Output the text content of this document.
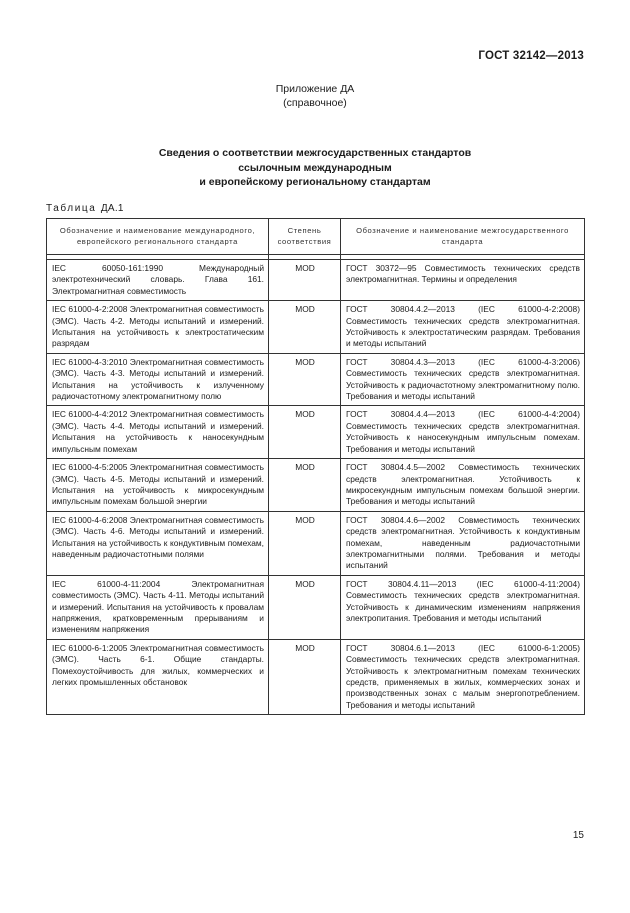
ГОСТ 32142—2013
Приложение ДА
(справочное)
Сведения о соответствии межгосударственных стандартов
ссылочным международным
и европейскому региональному стандартам
Таблица ДА.1
Обозначение и наименование международного, европейского регионального стандарта	Степень соответствия	Обозначение и наименование межгосударственного стандарта

IEC 60050-161:1990 Международный электротехнический словарь. Глава 161. Электромагнитная совместимость	MOD	ГОСТ 30372—95 Совместимость технических средств электромагнитная. Термины и определения
IEC 61000-4-2:2008 Электромагнитная совместимость (ЭМС). Часть 4-2. Методы испытаний и измерений. Испытания на устойчивость к электростатическим разрядам	MOD	ГОСТ 30804.4.2—2013 (IEC 61000-4-2:2008) Совместимость технических средств электромагнитная. Устойчивость к электростатическим разрядам. Требования и методы испытаний
IEC 61000-4-3:2010 Электромагнитная совместимость (ЭМС). Часть 4-3. Методы испытаний и измерений. Испытания на устойчивость к излученному радиочастотному электромагнитному полю	MOD	ГОСТ 30804.4.3—2013 (IEC 61000-4-3:2006) Совместимость технических средств электромагнитная. Устойчивость к радиочастотному электромагнитному полю. Требования и методы испытаний
IEC 61000-4-4:2012 Электромагнитная совместимость (ЭМС). Часть 4-4. Методы испытаний и измерений. Испытания на устойчивость к наносекундным импульсным помехам	MOD	ГОСТ 30804.4.4—2013 (IEC 61000-4-4:2004) Совместимость технических средств электромагнитная. Устойчивость к наносекундным импульсным помехам. Требования и методы испытаний
IEC 61000-4-5:2005 Электромагнитная совместимость (ЭМС). Часть 4-5. Методы испытаний и измерений. Испытания на устойчивость к микросекундным импульсным помехам большой энергии	MOD	ГОСТ 30804.4.5—2002 Совместимость технических средств электромагнитная. Устойчивость к микросекундным импульсным помехам большой энергии. Требования и методы испытаний
IEC 61000-4-6:2008 Электромагнитная совместимость (ЭМС). Часть 4-6. Методы испытаний и измерений. Испытания на устойчивость к кондуктивным помехам, наведенным радиочастотными полями	MOD	ГОСТ 30804.4.6—2002 Совместимость технических средств электромагнитная. Устойчивость к кондуктивным помехам, наведенным радиочастотными электромагнитными полями. Требования и методы испытаний
IEC 61000-4-11:2004 Электромагнитная совместимость (ЭМС). Часть 4-11. Методы испытаний и измерений. Испытания на устойчивость к провалам напряжения, кратковременным прерываниям и изменениям напряжения	MOD	ГОСТ 30804.4.11—2013 (IEC 61000-4-11:2004) Совместимость технических средств электромагнитная. Устойчивость к динамическим изменениям напряжения электропитания. Требования и методы испытаний
IEC 61000-6-1:2005 Электромагнитная совместимость (ЭМС). Часть 6-1. Общие стандарты. Помехоустойчивость для жилых, коммерческих и легких промышленных обстановок	MOD	ГОСТ 30804.6.1—2013 (IEC 61000-6-1:2005) Совместимость технических средств электромагнитная. Устойчивость к электромагнитным помехам технических средств, применяемых в жилых, коммерческих зонах и производственных зонах с малым энергопотреблением. Требования и методы испытаний
15
